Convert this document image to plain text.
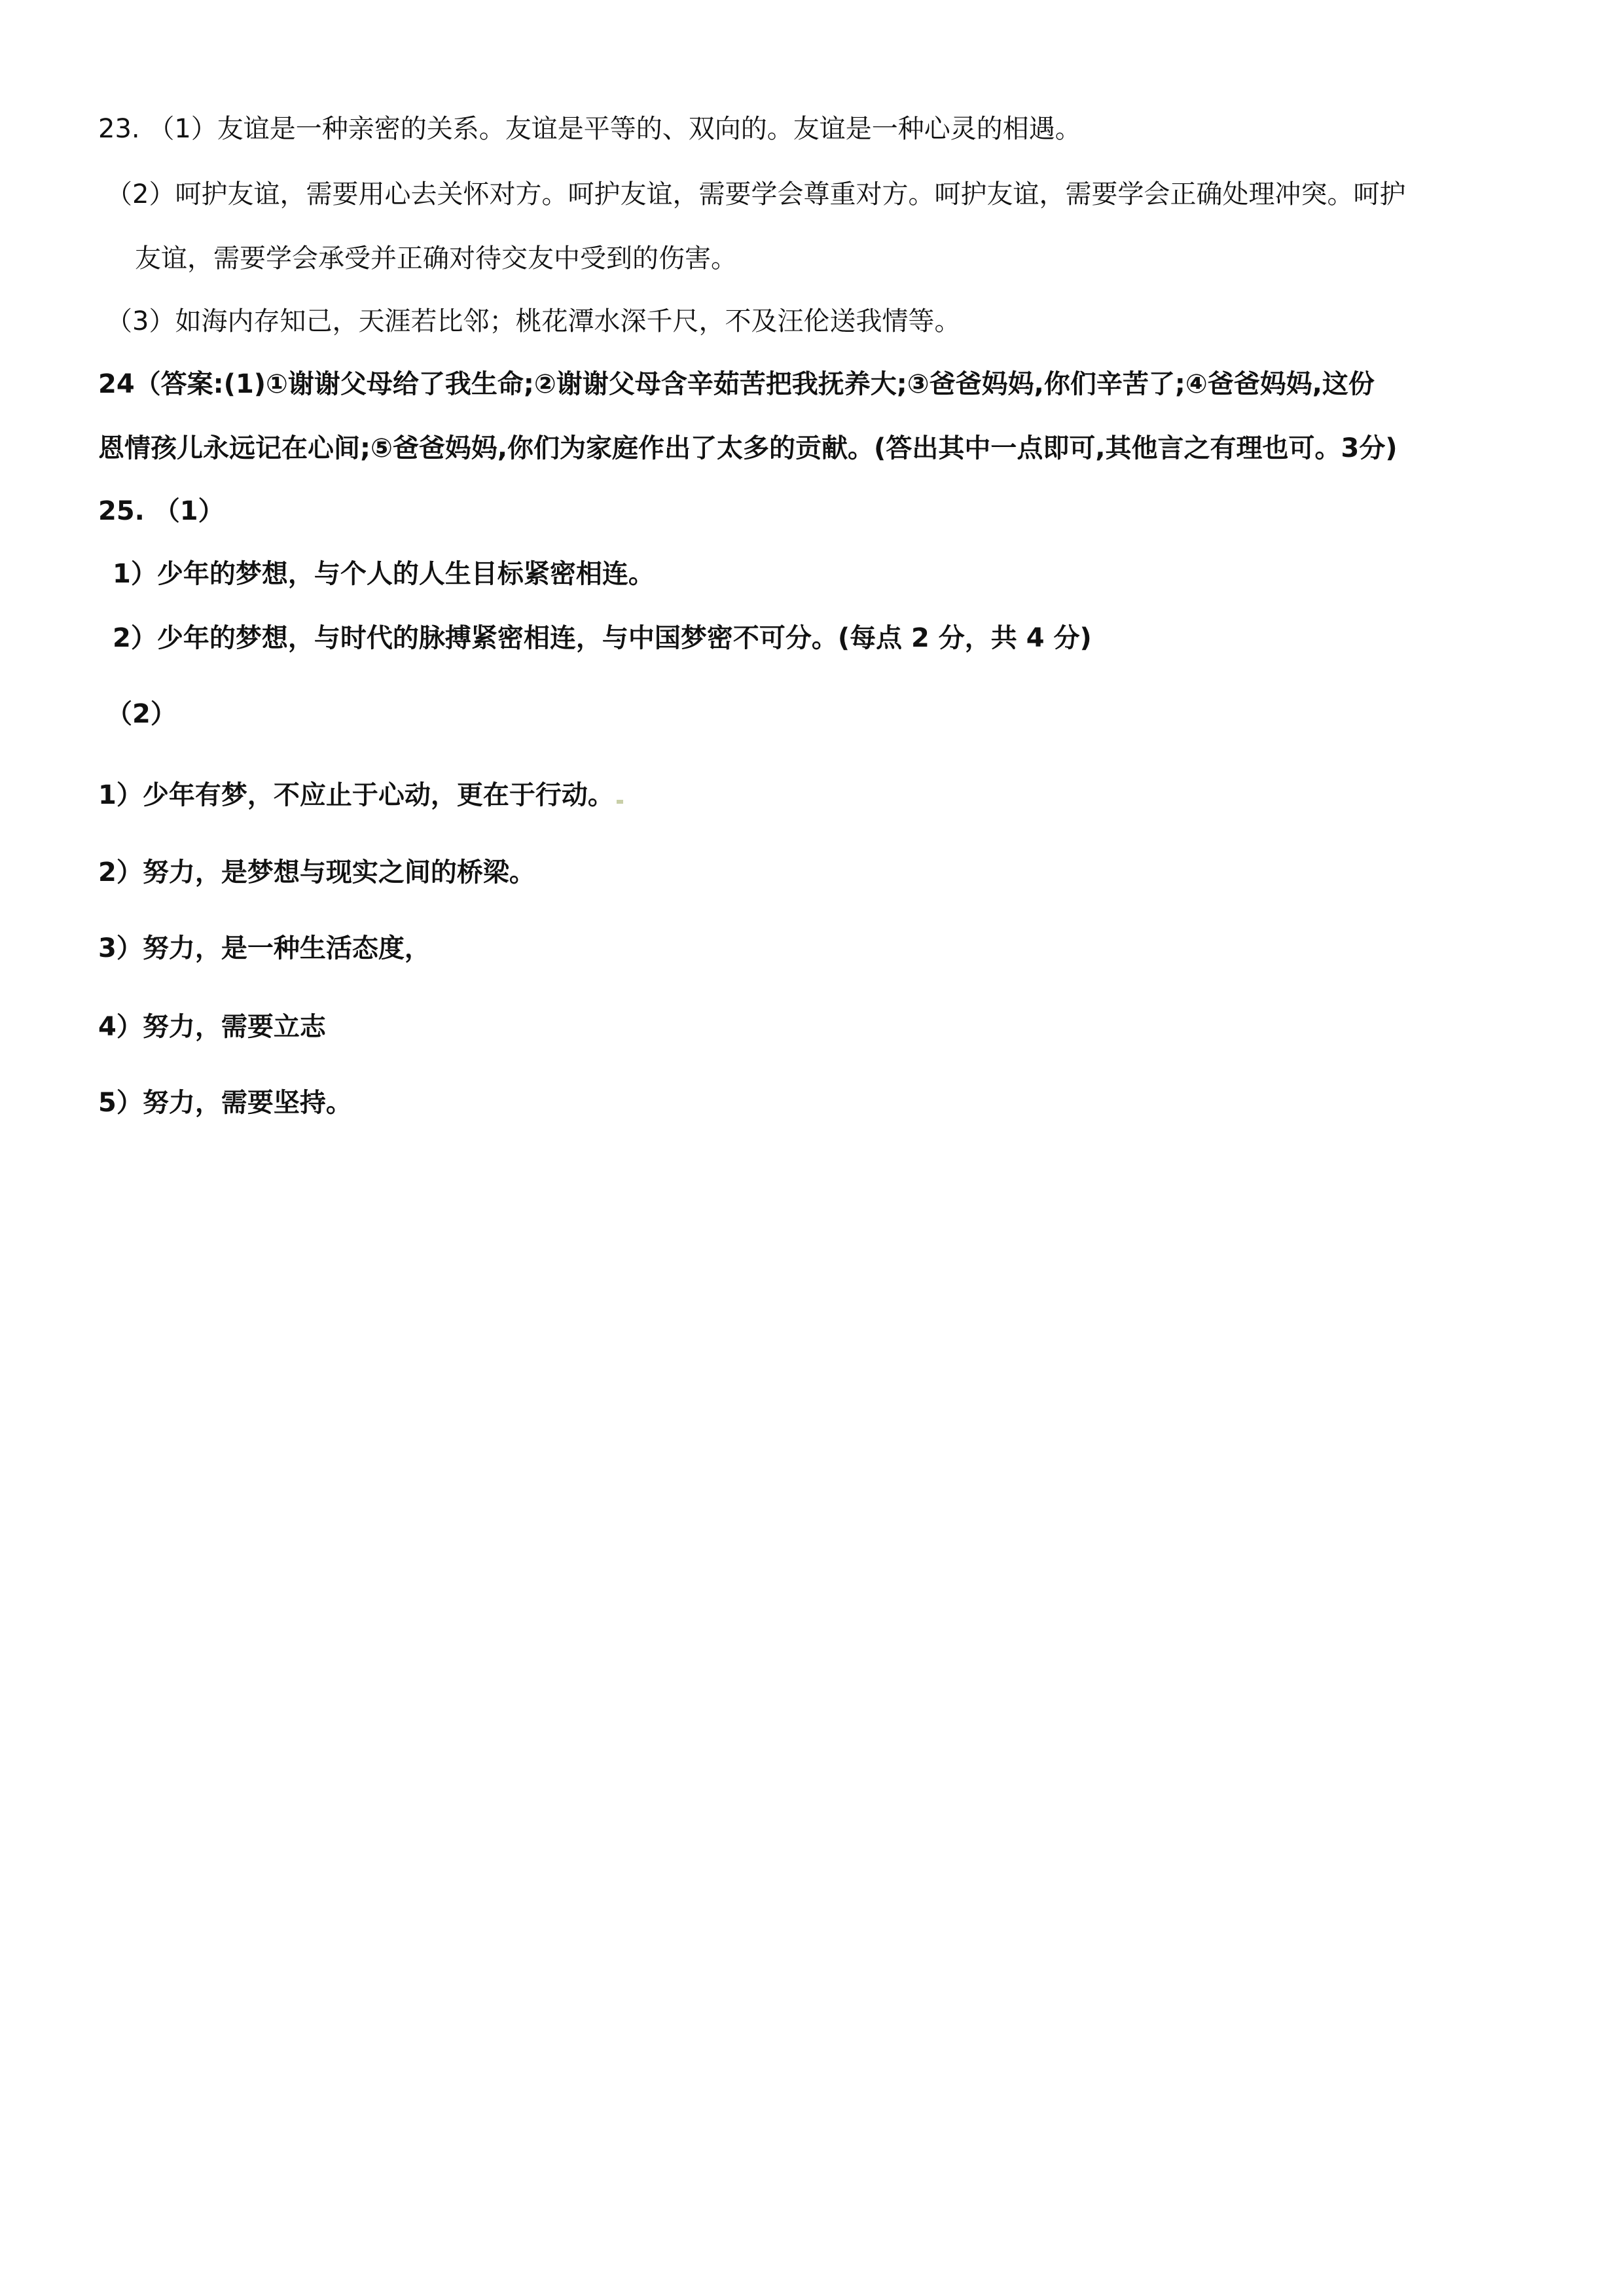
23. （1）友谊是一种亲密的关系。友谊是平等的、双向的。友谊是一种心灵的相遇。
（2）呵护友谊，需要用心去关怀对方。呵护友谊，需要学会尊重对方。呵护友谊，需要学会正确处理冲突。呵护
友谊，需要学会承受并正确对待交友中受到的伤害。
（3）如海内存知己，天涯若比邻；桃花潭水深千尺，不及汪伦送我情等。
24（答案:(1)①谢谢父母给了我生命;②谢谢父母含辛茹苦把我抚养大;③爸爸妈妈,你们辛苦了;④爸爸妈妈,这份
恩情孩儿永远记在心间;⑤爸爸妈妈,你们为家庭作出了太多的贡献。(答出其中一点即可,其他言之有理也可。3分)
25. （1）
1）少年的梦想，与个人的人生目标紧密相连。
2）少年的梦想，与时代的脉搏紧密相连，与中国梦密不可分。(每点 2 分，共 4 分)
（2）
1）少年有梦，不应止于心动，更在于行动。
2）努力，是梦想与现实之间的桥梁。
3）努力，是一种生活态度，
4）努力，需要立志
5）努力，需要坚持。
